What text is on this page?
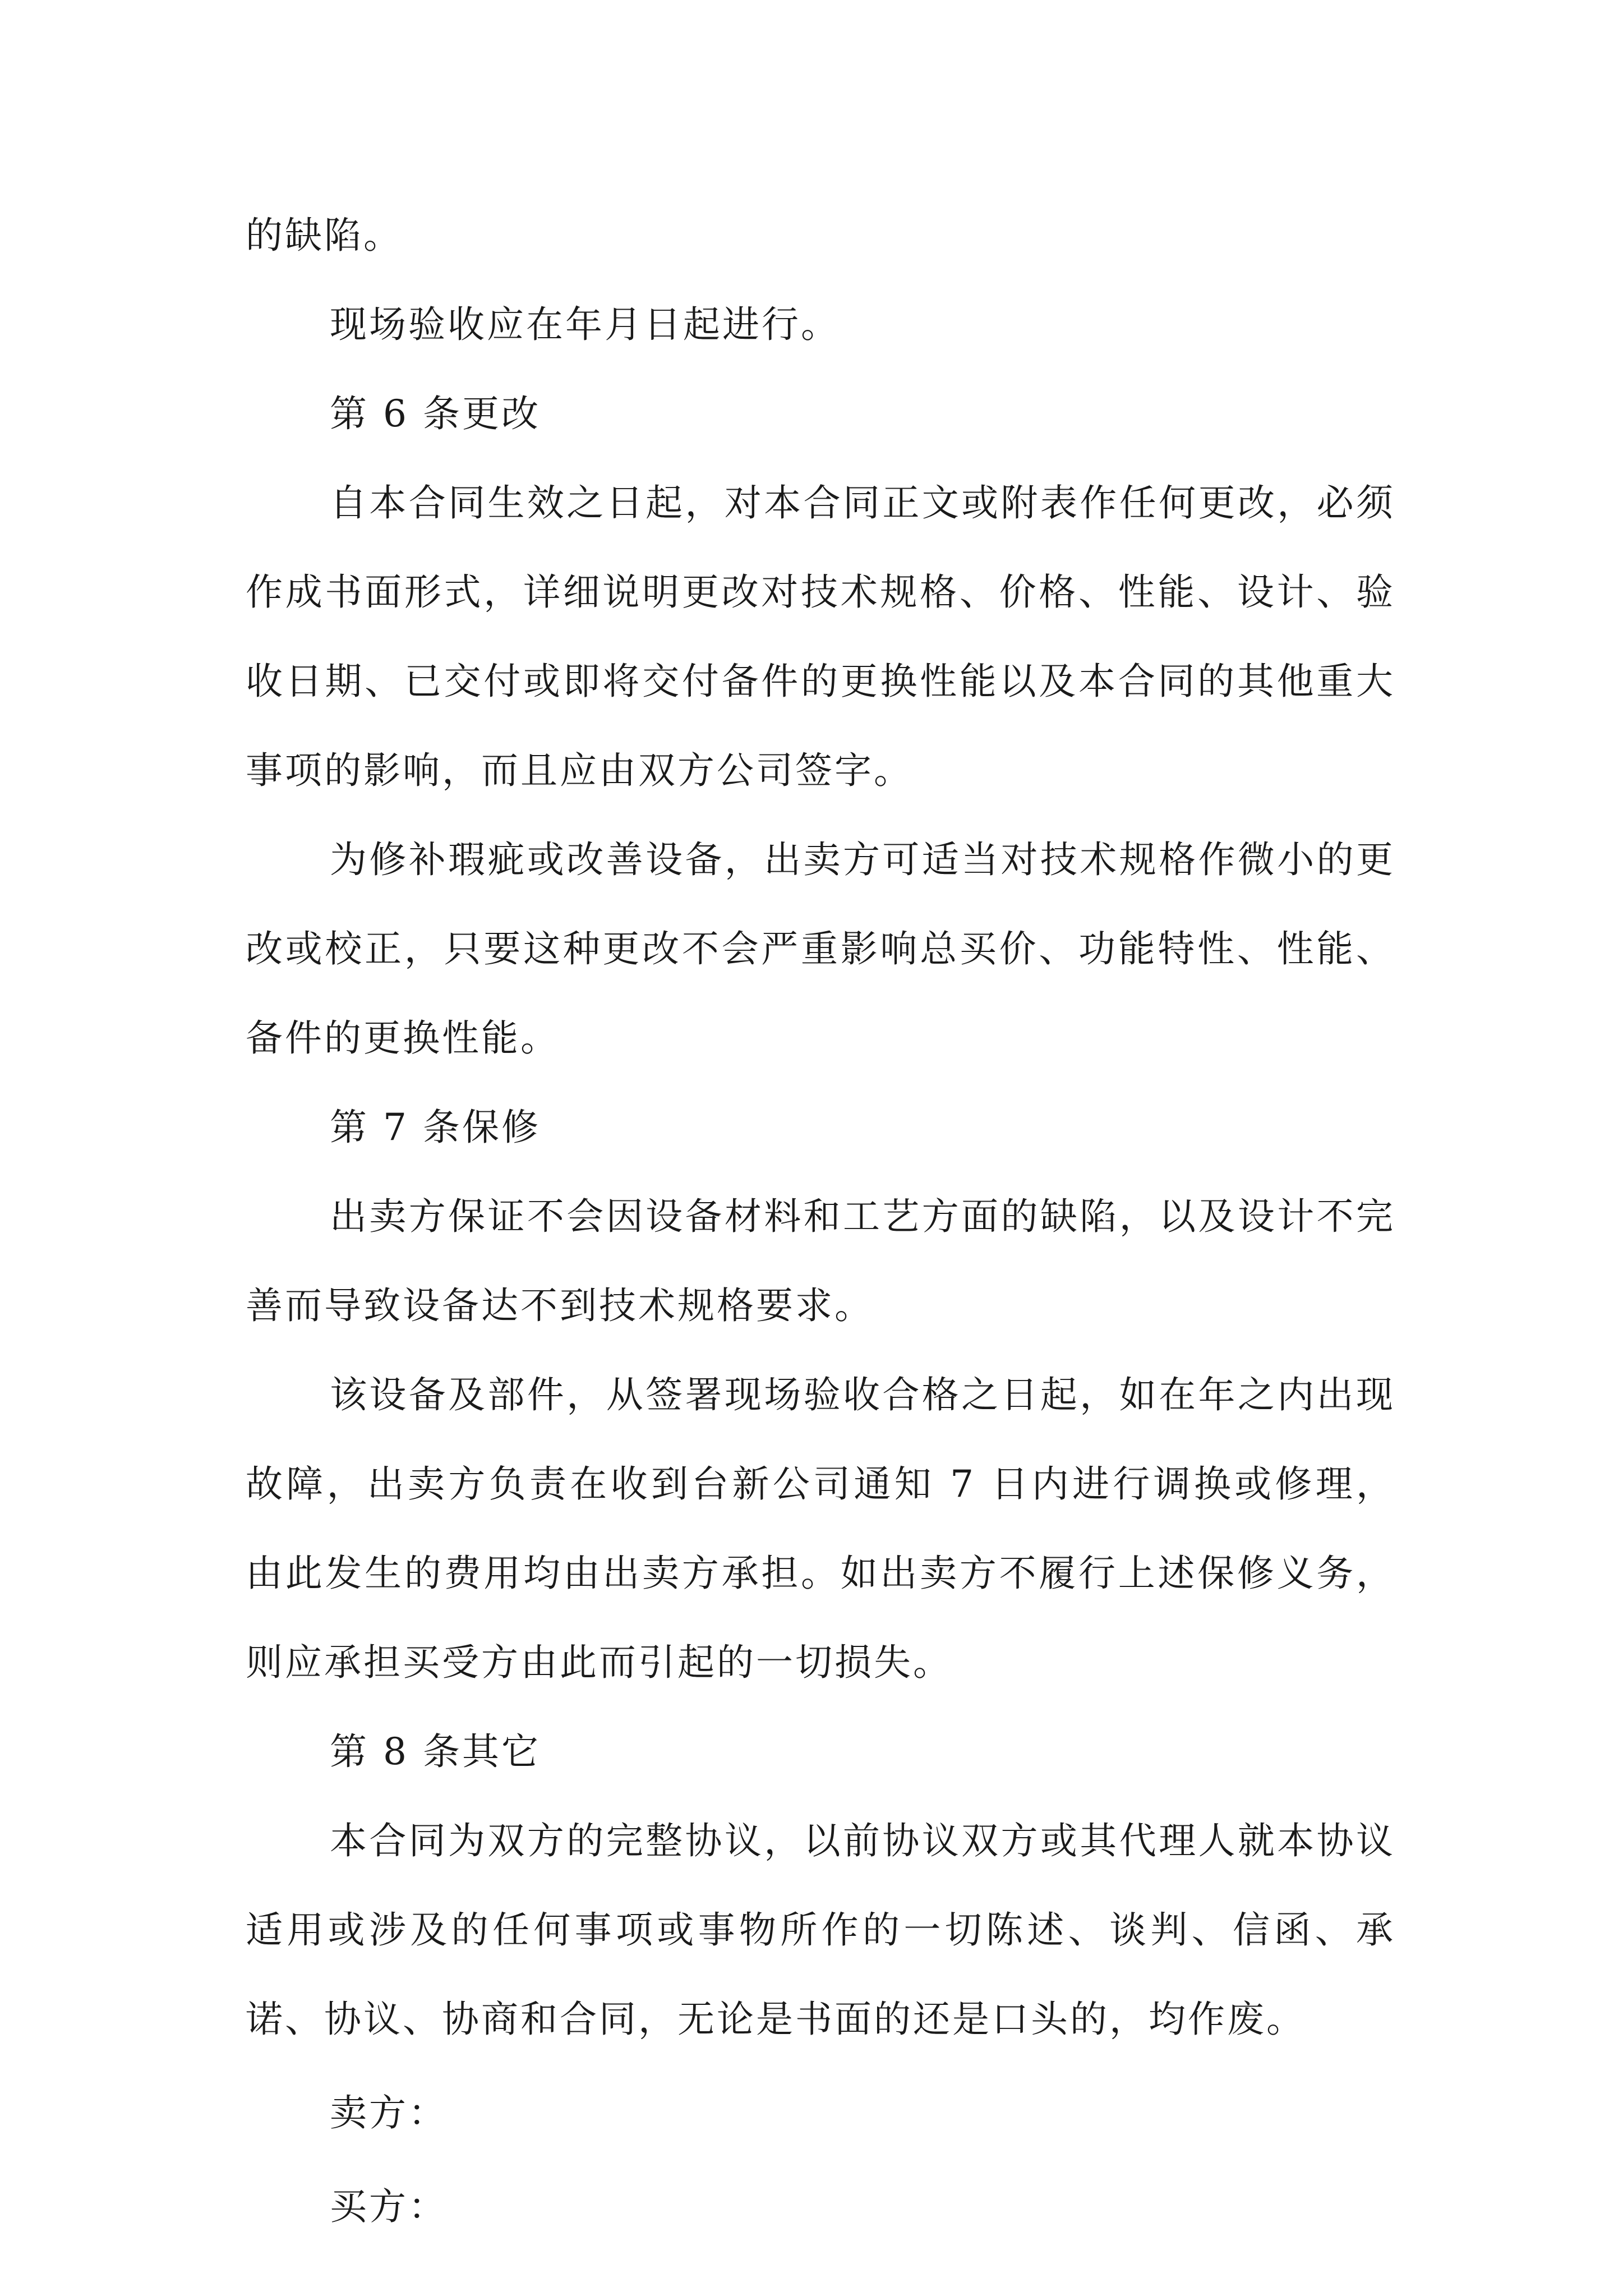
的缺陷。

现场验收应在年月日起进行。

第 6 条更改

自本合同生效之日起，对本合同正文或附表作任何更改，必须作成书面形式，详细说明更改对技术规格、价格、性能、设计、验收日期、已交付或即将交付备件的更换性能以及本合同的其他重大事项的影响，而且应由双方公司签字。

为修补瑕疵或改善设备，出卖方可适当对技术规格作微小的更改或校正，只要这种更改不会严重影响总买价、功能特性、性能、备件的更换性能。

第 7 条保修

出卖方保证不会因设备材料和工艺方面的缺陷，以及设计不完善而导致设备达不到技术规格要求。

该设备及部件，从签署现场验收合格之日起，如在年之内出现故障，出卖方负责在收到台新公司通知 7 日内进行调换或修理，由此发生的费用均由出卖方承担。如出卖方不履行上述保修义务，则应承担买受方由此而引起的一切损失。

第 8 条其它

本合同为双方的完整协议，以前协议双方或其代理人就本协议适用或涉及的任何事项或事物所作的一切陈述、谈判、信函、承诺、协议、协商和合同，无论是书面的还是口头的，均作废。

卖方：

买方：
